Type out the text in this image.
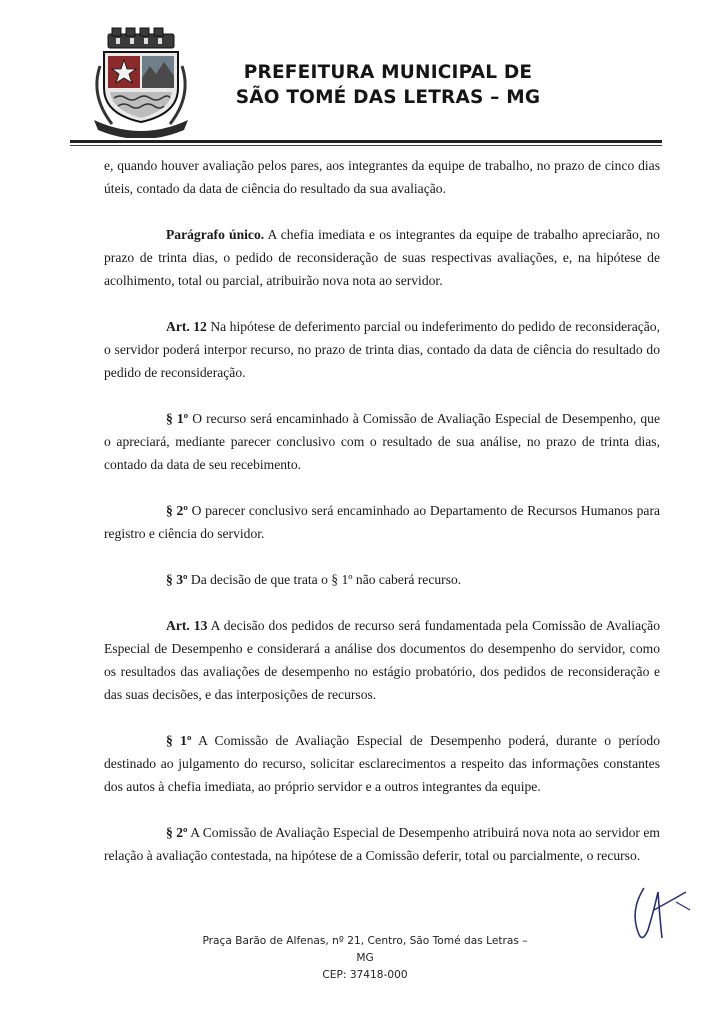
PREFEITURA MUNICIPAL DE
SÃO TOMÉ DAS LETRAS – MG

e, quando houver avaliação pelos pares, aos integrantes da equipe de trabalho, no prazo de cinco dias úteis, contado da data de ciência do resultado da sua avaliação.

Parágrafo único. A chefia imediata e os integrantes da equipe de trabalho apreciarão, no prazo de trinta dias, o pedido de reconsideração de suas respectivas avaliações, e, na hipótese de acolhimento, total ou parcial, atribuirão nova nota ao servidor.

Art. 12 Na hipótese de deferimento parcial ou indeferimento do pedido de reconsideração, o servidor poderá interpor recurso, no prazo de trinta dias, contado da data de ciência do resultado do pedido de reconsideração.

§ 1º O recurso será encaminhado à Comissão de Avaliação Especial de Desempenho, que o apreciará, mediante parecer conclusivo com o resultado de sua análise, no prazo de trinta dias, contado da data de seu recebimento.

§ 2º O parecer conclusivo será encaminhado ao Departamento de Recursos Humanos para registro e ciência do servidor.

§ 3º Da decisão de que trata o § 1º não caberá recurso.

Art. 13 A decisão dos pedidos de recurso será fundamentada pela Comissão de Avaliação Especial de Desempenho e considerará a análise dos documentos do desempenho do servidor, como os resultados das avaliações de desempenho no estágio probatório, dos pedidos de reconsideração e das suas decisões, e das interposições de recursos.

§ 1º A Comissão de Avaliação Especial de Desempenho poderá, durante o período destinado ao julgamento do recurso, solicitar esclarecimentos a respeito das informações constantes dos autos à chefia imediata, ao próprio servidor e a outros integrantes da equipe.

§ 2º A Comissão de Avaliação Especial de Desempenho atribuirá nova nota ao servidor em relação à avaliação contestada, na hipótese de a Comissão deferir, total ou parcialmente, o recurso.

Praça Barão de Alfenas, nº 21, Centro, São Tomé das Letras – MG
CEP: 37418-000
